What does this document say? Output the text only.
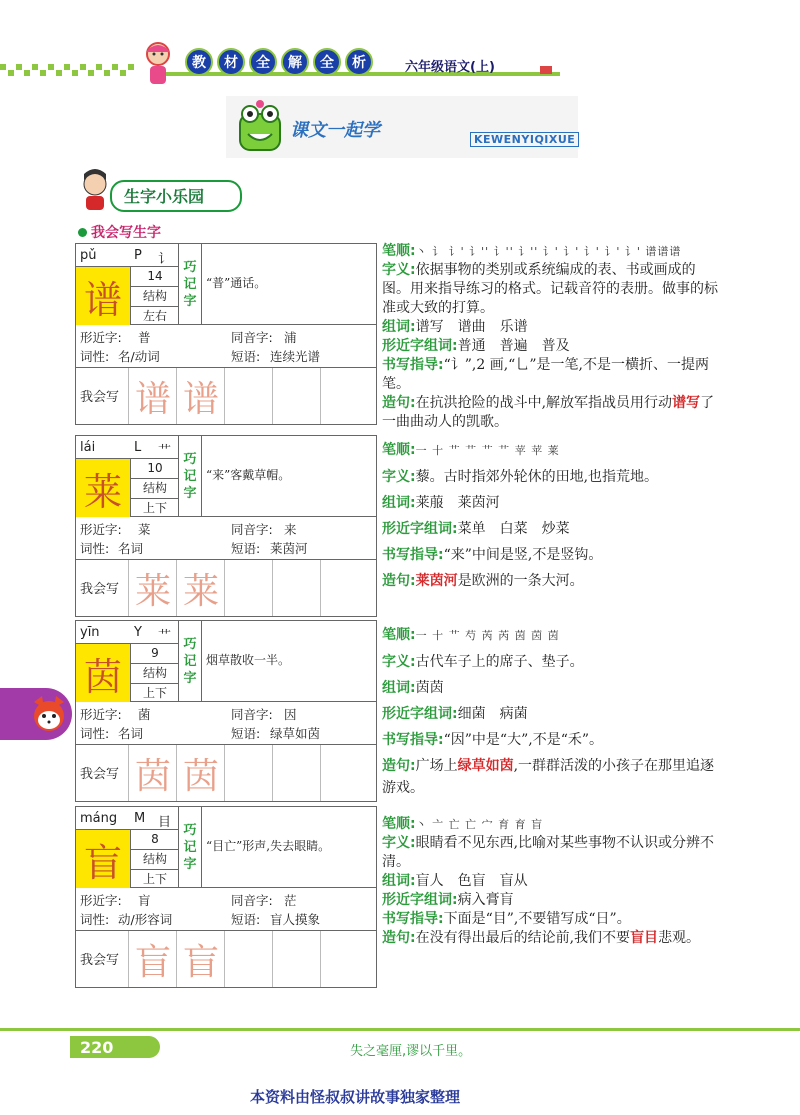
教	材	全	解	全	析	六年级语文(上)
课文一起学	KEWENYIQIXUE
生字小乐园
我会写生字
pǔ	P 讠
谱
14
结构
左右
巧
记
字
“普”通话。
形近字: 普	同音字: 浦
词性: 名/动词	短语: 连续光谱
我会写 谱 谱
笔顺:丶 讠 讠' 讠'' 讠'' 讠'' 讠' 讠' 讠' 讠' 讠' 谱谱谱
字义:依据事物的类别或系统编成的表、书或画成的图。用来指导练习的格式。记载音符的表册。做事的标准或大致的打算。
组词:谱写　谱曲　乐谱
形近字组词:普通　普遍　普及
书写指导:“讠”,2 画,“乚”是一笔,不是一横折、一提两笔。
造句:在抗洪抢险的战斗中,解放军指战员用行动谱写了一曲曲动人的凯歌。
lái	L 艹
莱
10
结构
上下
巧
记
字
“来”客戴草帽。
形近字: 菜	同音字: 来
词性: 名词	短语: 莱茵河
我会写 莱 莱
笔顺:一 十 艹 艹 艹 艹 苹 苹 莱
字义:藜。古时指郊外轮休的田地,也指荒地。
组词:莱菔　莱茵河
形近字组词:菜单　白菜　炒菜
书写指导:“来”中间是竖,不是竖钩。
造句:莱茵河是欧洲的一条大河。
yīn	Y 艹
茵
9
结构
上下
巧
记
字
烟草散收一半。
形近字: 菌	同音字: 因
词性: 名词	短语: 绿草如茵
我会写 茵 茵
笔顺:一 十 艹 芍 芮 芮 茵 茵 茵
字义:古代车子上的席子、垫子。
组词:茵茵
形近字组词:细菌　病菌
书写指导:“因”中是“大”,不是“禾”。
造句:广场上绿草如茵,一群群活泼的小孩子在那里追逐游戏。
máng M 目
盲
8
结构
上下
巧
记
字
“目亡”形声,失去眼睛。
形近字: 肓	同音字: 茫
词性: 动/形容词	短语: 盲人摸象
我会写 盲 盲
笔顺:丶 亠 亡 亡 宀 育 育 盲
字义:眼睛看不见东西,比喻对某些事物不认识或分辨不清。
组词:盲人　色盲　盲从
形近字组词:病入膏肓
书写指导:下面是“目”,不要错写成“日”。
造句:在没有得出最后的结论前,我们不要盲目悲观。
220	失之毫厘,谬以千里。
本资料由怪叔叔讲故事独家整理
